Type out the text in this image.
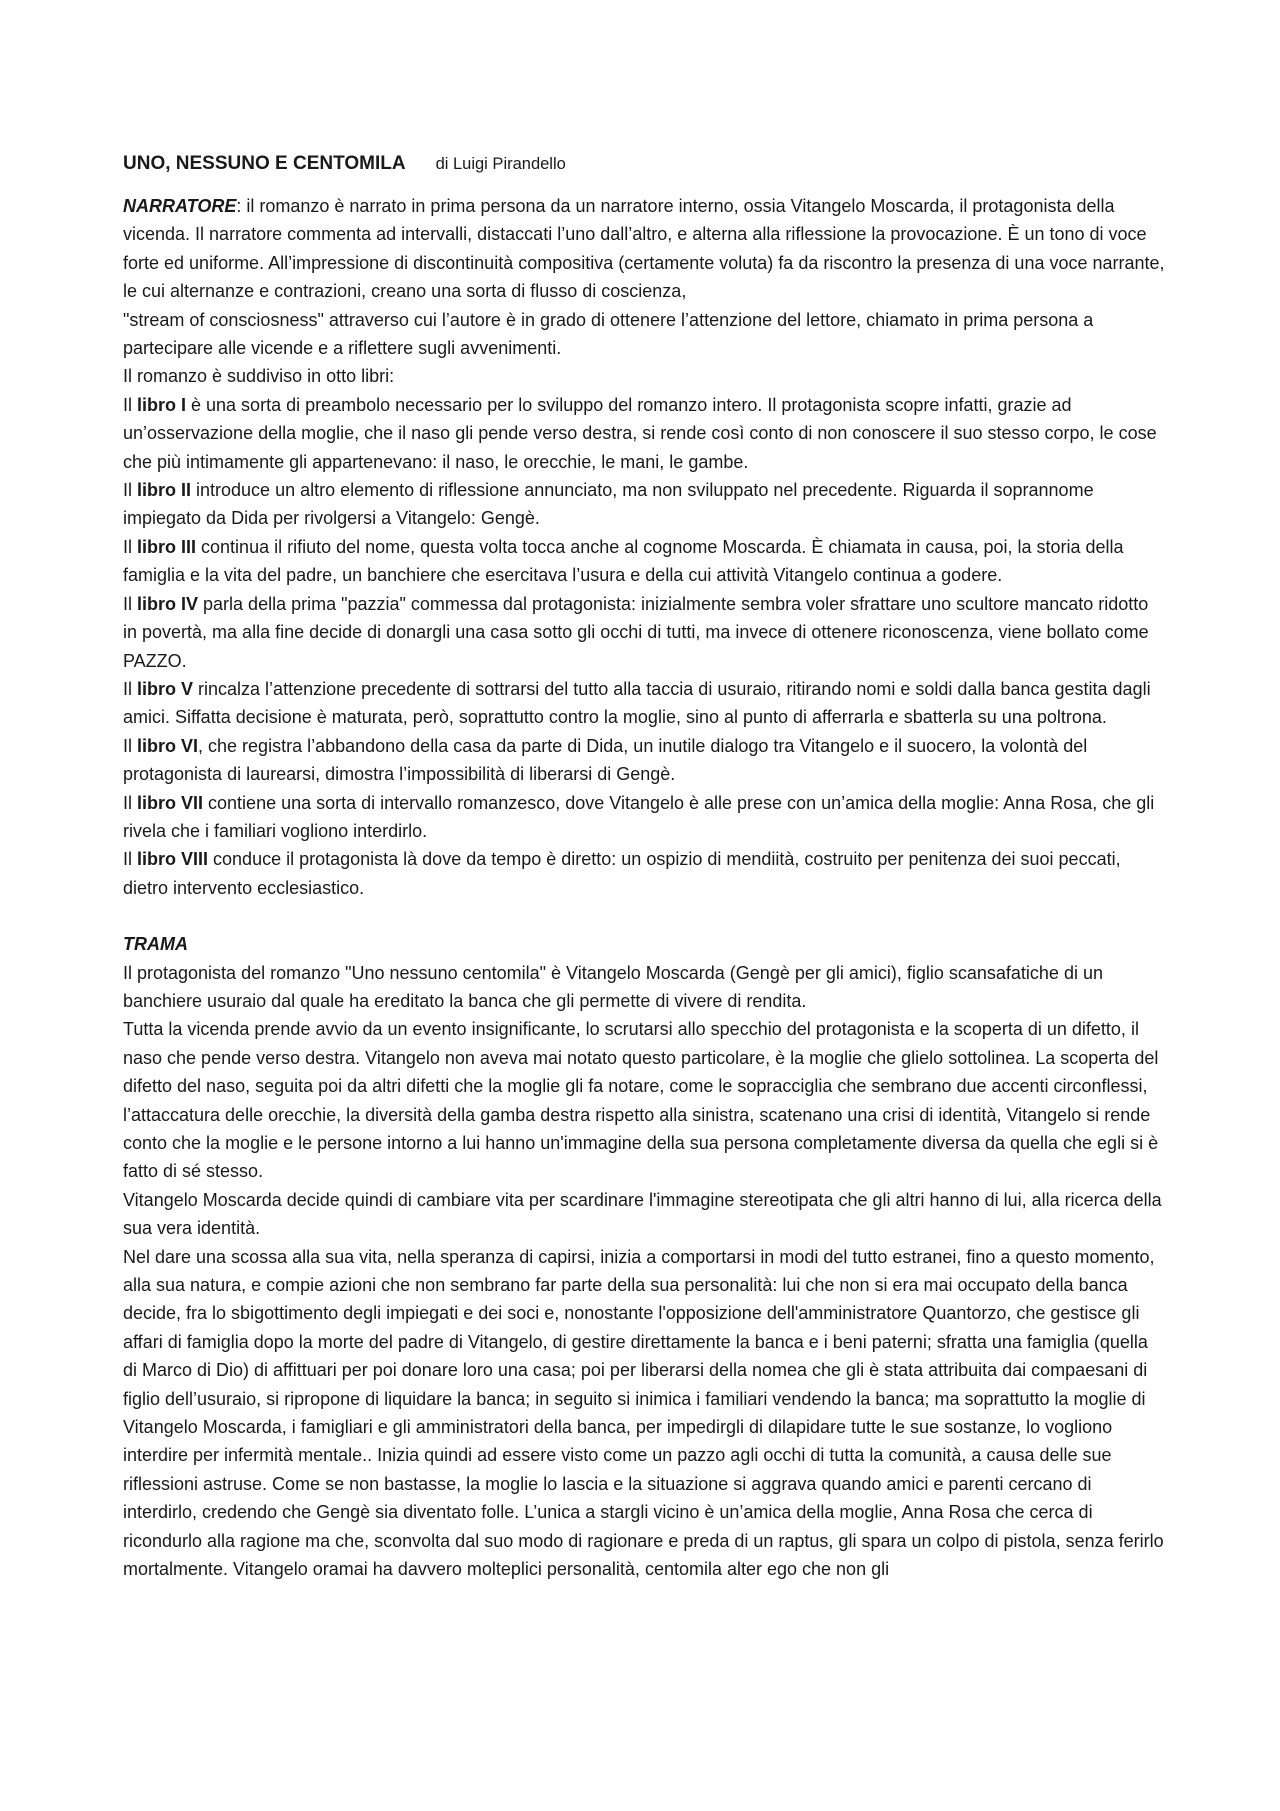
UNO, NESSUNO E CENTOMILA di Luigi Pirandello

NARRATORE: il romanzo è narrato in prima persona da un narratore interno, ossia Vitangelo Moscarda, il protagonista della vicenda. Il narratore commenta ad intervalli, distaccati l’uno dall’altro, e alterna alla riflessione la provocazione. È un tono di voce forte ed uniforme. All’impressione di discontinuità compositiva (certamente voluta) fa da riscontro la presenza di una voce narrante, le cui alternanze e contrazioni, creano una sorta di flusso di coscienza,

"stream of consciosness" attraverso cui l’autore è in grado di ottenere l’attenzione del lettore, chiamato in prima persona a partecipare alle vicende e a riflettere sugli avvenimenti.

Il romanzo è suddiviso in otto libri:

Il libro I è una sorta di preambolo necessario per lo sviluppo del romanzo intero. Il protagonista scopre infatti, grazie ad un’osservazione della moglie, che il naso gli pende verso destra, si rende così conto di non conoscere il suo stesso corpo, le cose che più intimamente gli appartenevano: il naso, le orecchie, le mani, le gambe.

Il libro II introduce un altro elemento di riflessione annunciato, ma non sviluppato nel precedente. Riguarda il soprannome impiegato da Dida per rivolgersi a Vitangelo: Gengè.

Il libro III continua il rifiuto del nome, questa volta tocca anche al cognome Moscarda. È chiamata in causa, poi, la storia della famiglia e la vita del padre, un banchiere che esercitava l’usura e della cui attività Vitangelo continua a godere.

Il libro IV parla della prima "pazzia" commessa dal protagonista: inizialmente sembra voler sfrattare uno scultore mancato ridotto in povertà, ma alla fine decide di donargli una casa sotto gli occhi di tutti, ma invece di ottenere riconoscenza, viene bollato come PAZZO.

Il libro V rincalza l’attenzione precedente di sottrarsi del tutto alla taccia di usuraio, ritirando nomi e soldi dalla banca gestita dagli amici. Siffatta decisione è maturata, però, soprattutto contro la moglie, sino al punto di afferrarla e sbatterla su una poltrona.

Il libro VI, che registra l’abbandono della casa da parte di Dida, un inutile dialogo tra Vitangelo e il suocero, la volontà del protagonista di laurearsi, dimostra l’impossibilità di liberarsi di Gengè.

Il libro VII contiene una sorta di intervallo romanzesco, dove Vitangelo è alle prese con un’amica della moglie: Anna Rosa, che gli rivela che i familiari vogliono interdirlo.

Il libro VIII conduce il protagonista là dove da tempo è diretto: un ospizio di mendiità, costruito per penitenza dei suoi peccati, dietro intervento ecclesiastico.

TRAMA

Il protagonista del romanzo "Uno nessuno centomila" è Vitangelo Moscarda (Gengè per gli amici), figlio scansafatiche di un banchiere usuraio dal quale ha ereditato la banca che gli permette di vivere di rendita.

Tutta la vicenda prende avvio da un evento insignificante, lo scrutarsi allo specchio del protagonista e la scoperta di un difetto, il naso che pende verso destra. Vitangelo non aveva mai notato questo particolare, è la moglie che glielo sottolinea. La scoperta del difetto del naso, seguita poi da altri difetti che la moglie gli fa notare, come le sopracciglia che sembrano due accenti circonflessi, l’attaccatura delle orecchie, la diversità della gamba destra rispetto alla sinistra, scatenano una crisi di identità, Vitangelo si rende conto che la moglie e le persone intorno a lui hanno un'immagine della sua persona completamente diversa da quella che egli si è fatto di sé stesso.

Vitangelo Moscarda decide quindi di cambiare vita per scardinare l'immagine stereotipata che gli altri hanno di lui, alla ricerca della sua vera identità.

Nel dare una scossa alla sua vita, nella speranza di capirsi, inizia a comportarsi in modi del tutto estranei, fino a questo momento, alla sua natura, e compie azioni che non sembrano far parte della sua personalità: lui che non si era mai occupato della banca decide, fra lo sbigottimento degli impiegati e dei soci e, nonostante l'opposizione dell'amministratore Quantorzo, che gestisce gli affari di famiglia dopo la morte del padre di Vitangelo, di gestire direttamente la banca e i beni paterni; sfratta una famiglia (quella di Marco di Dio) di affittuari per poi donare loro una casa; poi per liberarsi della nomea che gli è stata attribuita dai compaesani di figlio dell’usuraio, si ripropone di liquidare la banca; in seguito si inimica i familiari vendendo la banca; ma soprattutto la moglie di Vitangelo Moscarda, i famigliari e gli amministratori della banca, per impedirgli di dilapidare tutte le sue sostanze, lo vogliono interdire per infermità mentale.. Inizia quindi ad essere visto come un pazzo agli occhi di tutta la comunità, a causa delle sue riflessioni astruse. Come se non bastasse, la moglie lo lascia e la situazione si aggrava quando amici e parenti cercano di interdirlo, credendo che Gengè sia diventato folle. L’unica a stargli vicino è un’amica della moglie, Anna Rosa che cerca di ricondurlo alla ragione ma che, sconvolta dal suo modo di ragionare e preda di un raptus, gli spara un colpo di pistola, senza ferirlo mortalmente. Vitangelo oramai ha davvero molteplici personalità, centomila alter ego che non gli
